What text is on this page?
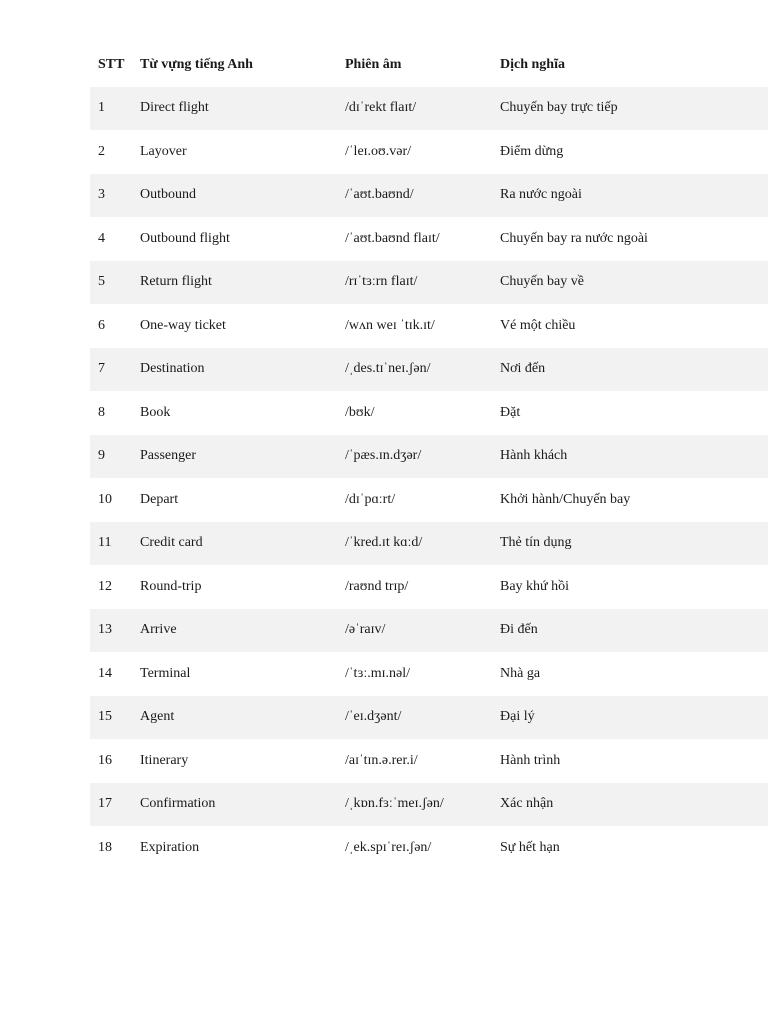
STT	Từ vựng tiếng Anh	Phiên âm	Dịch nghĩa
1	Direct flight	/dɪˈrekt flaɪt/	Chuyến bay trực tiếp
2	Layover	/ˈleɪ.oʊ.vər/	Điểm dừng
3	Outbound	/ˈaʊt.baʊnd/	Ra nước ngoài
4	Outbound flight	/ˈaʊt.baʊnd flaɪt/	Chuyến bay ra nước ngoài
5	Return flight	/rɪˈtɜːrn flaɪt/	Chuyến bay về
6	One-way ticket	/wʌn weɪ ˈtɪk.ɪt/	Vé một chiều
7	Destination	/ˌdes.tɪˈneɪ.ʃən/	Nơi đến
8	Book	/bʊk/	Đặt
9	Passenger	/ˈpæs.ɪn.dʒər/	Hành khách
10	Depart	/dɪˈpɑːrt/	Khởi hành/Chuyến bay
11	Credit card	/ˈkred.ɪt kɑːd/	Thẻ tín dụng
12	Round-trip	/raʊnd trɪp/	Bay khứ hồi
13	Arrive	/əˈraɪv/	Đi đến
14	Terminal	/ˈtɜː.mɪ.nəl/	Nhà ga
15	Agent	/ˈeɪ.dʒənt/	Đại lý
16	Itinerary	/aɪˈtɪn.ə.rer.i/	Hành trình
17	Confirmation	/ˌkɒn.fɜːˈmeɪ.ʃən/	Xác nhận
18	Expiration	/ˌek.spɪˈreɪ.ʃən/	Sự hết hạn
